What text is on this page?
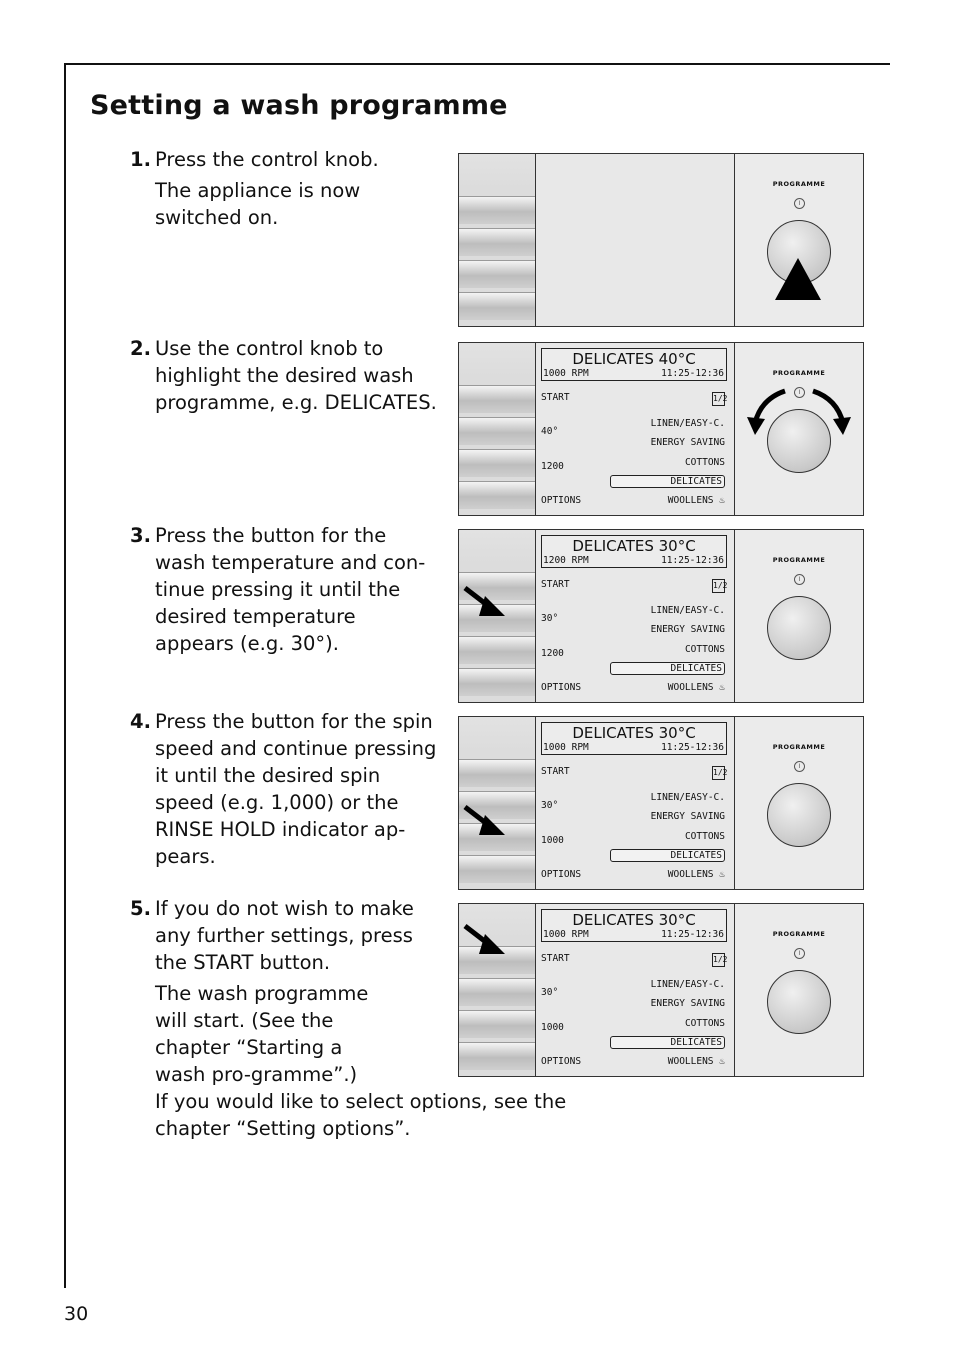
Setting a wash programme
1. Press the control knob.

The appliance is now switched on.

2. Use the control knob to highlight the desired wash programme, e.g. DELICATES.

3. Press the button for the wash temperature and con-tinue pressing it until the desired temperature appears (e.g. 30°).

4. Press the button for the spin speed and continue pressing it until the desired spin speed (e.g. 1,000) or the RINSE HOLD indicator ap-pears.

5. If you do not wish to make any further settings, press the START button.

The wash programme will start. (See the chapter “Starting a wash pro-gramme”.)

If you would like to select options, see the chapter “Setting options”.

PROGRAMME
I
DELICATES 40°C
1000 RPM	11:25-12:36
START	1/2
LINEN/EASY-C.
40°
ENERGY SAVING
COTTONS
1200
DELICATES
OPTIONS	WOOLLENS ♨
PROGRAMME
I
DELICATES 30°C
1200 RPM	11:25-12:36
START	1/2
LINEN/EASY-C.
30°
ENERGY SAVING
COTTONS
1200
DELICATES
OPTIONS	WOOLLENS ♨
PROGRAMME
I
DELICATES 30°C
1000 RPM	11:25-12:36
START	1/2
LINEN/EASY-C.
30°
ENERGY SAVING
COTTONS
1000
DELICATES
OPTIONS	WOOLLENS ♨
PROGRAMME
I
DELICATES 30°C
1000 RPM	11:25-12:36
START	1/2
LINEN/EASY-C.
30°
ENERGY SAVING
COTTONS
1000
DELICATES
OPTIONS	WOOLLENS ♨
PROGRAMME
I
30
